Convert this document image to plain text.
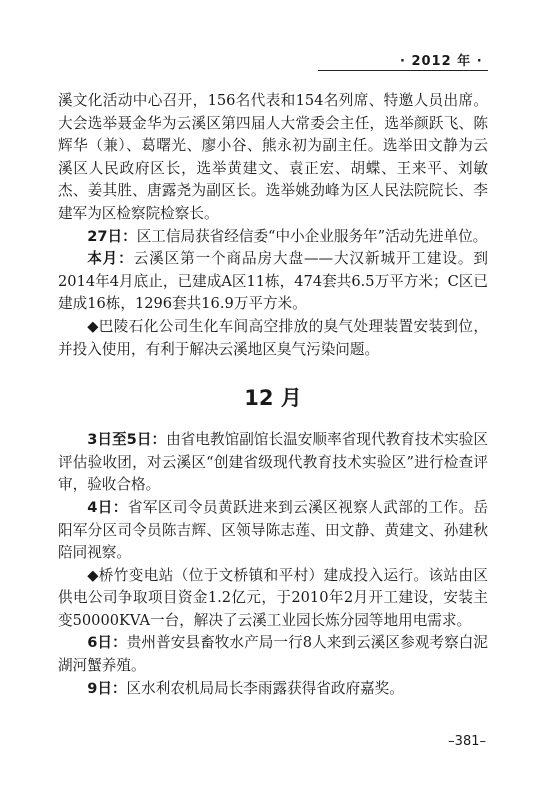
· 2012 年 ·

溪文化活动中心召开，156名代表和154名列席、特邀人员出席。大会选举聂金华为云溪区第四届人大常委会主任，选举颜跃飞、陈辉华（兼）、葛曙光、廖小谷、熊永初为副主任。选举田文静为云溪区人民政府区长，选举黄建文、袁正宏、胡蝶、王来平、刘敏杰、姜其胜、唐露尧为副区长。选举姚劲峰为区人民法院院长、李建军为区检察院检察长。

27日：区工信局获省经信委“中小企业服务年”活动先进单位。

本月：云溪区第一个商品房大盘——大汉新城开工建设。到2014年4月底止，已建成A区11栋，474套共6.5万平方米；C区已建成16栋，1296套共16.9万平方米。

◆巴陵石化公司生化车间高空排放的臭气处理装置安装到位，并投入使用，有利于解决云溪地区臭气污染问题。

12 月

3日至5日：由省电教馆副馆长温安顺率省现代教育技术实验区评估验收团，对云溪区“创建省级现代教育技术实验区”进行检查评审，验收合格。

4日：省军区司令员黄跃进来到云溪区视察人武部的工作。岳阳军分区司令员陈吉辉、区领导陈志莲、田文静、黄建文、孙建秋陪同视察。

◆桥竹变电站（位于文桥镇和平村）建成投入运行。该站由区供电公司争取项目资金1.2亿元，于2010年2月开工建设，安装主变50000KVA一台，解决了云溪工业园长炼分园等地用电需求。

6日：贵州普安县畜牧水产局一行8人来到云溪区参观考察白泥湖河蟹养殖。

9日：区水利农机局局长李雨露获得省政府嘉奖。

–381–
